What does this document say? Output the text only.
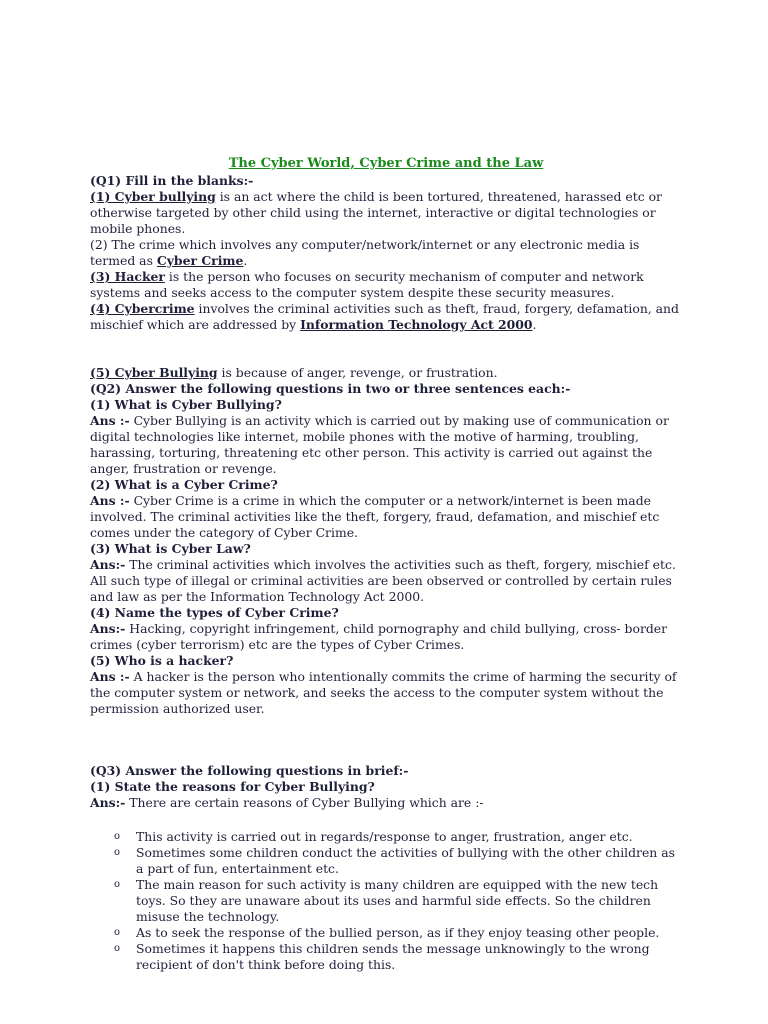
The Cyber World, Cyber Crime and the Law

(Q1) Fill in the blanks:-

(1) Cyber bullying is an act where the child is been tortured, threatened, harassed etc or otherwise targeted by other child using the internet, interactive or digital technologies or mobile phones.

(2) The crime which involves any computer/network/internet or any electronic media is termed as Cyber Crime.

(3) Hacker is the person who focuses on security mechanism of computer and network systems and seeks access to the computer system despite these security measures.

(4) Cybercrime involves the criminal activities such as theft, fraud, forgery, defamation, and mischief which are addressed by Information Technology Act 2000.

(5) Cyber Bullying is because of anger, revenge, or frustration.

(Q2) Answer the following questions in two or three sentences each:-

(1) What is Cyber Bullying?

Ans :- Cyber Bullying is an activity which is carried out by making use of communication or digital technologies like internet, mobile phones with the motive of harming, troubling, harassing, torturing, threatening etc other person. This activity is carried out against the anger, frustration or revenge.

(2) What is a Cyber Crime?

Ans :- Cyber Crime is a crime in which the computer or a network/internet is been made involved. The criminal activities like the theft, forgery, fraud, defamation, and mischief etc comes under the category of Cyber Crime.

(3) What is Cyber Law?

Ans:- The criminal activities which involves the activities such as theft, forgery, mischief etc. All such type of illegal or criminal activities are been observed or controlled by certain rules and law as per the Information Technology Act 2000.

(4) Name the types of Cyber Crime?

Ans:- Hacking, copyright infringement, child pornography and child bullying, cross- border crimes (cyber terrorism) etc are the types of Cyber Crimes.

(5) Who is a hacker?

Ans :- A hacker is the person who intentionally commits the crime of harming the security of the computer system or network, and seeks the access to the computer system without the permission authorized user.

(Q3) Answer the following questions in brief:-

(1) State the reasons for Cyber Bullying?

Ans:- There are certain reasons of Cyber Bullying which are :-

o This activity is carried out in regards/response to anger, frustration, anger etc.
o Sometimes some children conduct the activities of bullying with the other children as a part of fun, entertainment etc.
o The main reason for such activity is many children are equipped with the new tech toys. So they are unaware about its uses and harmful side effects. So the children misuse the technology.
o As to seek the response of the bullied person, as if they enjoy teasing other people.
o Sometimes it happens this children sends the message unknowingly to the wrong recipient of don't think before doing this.
